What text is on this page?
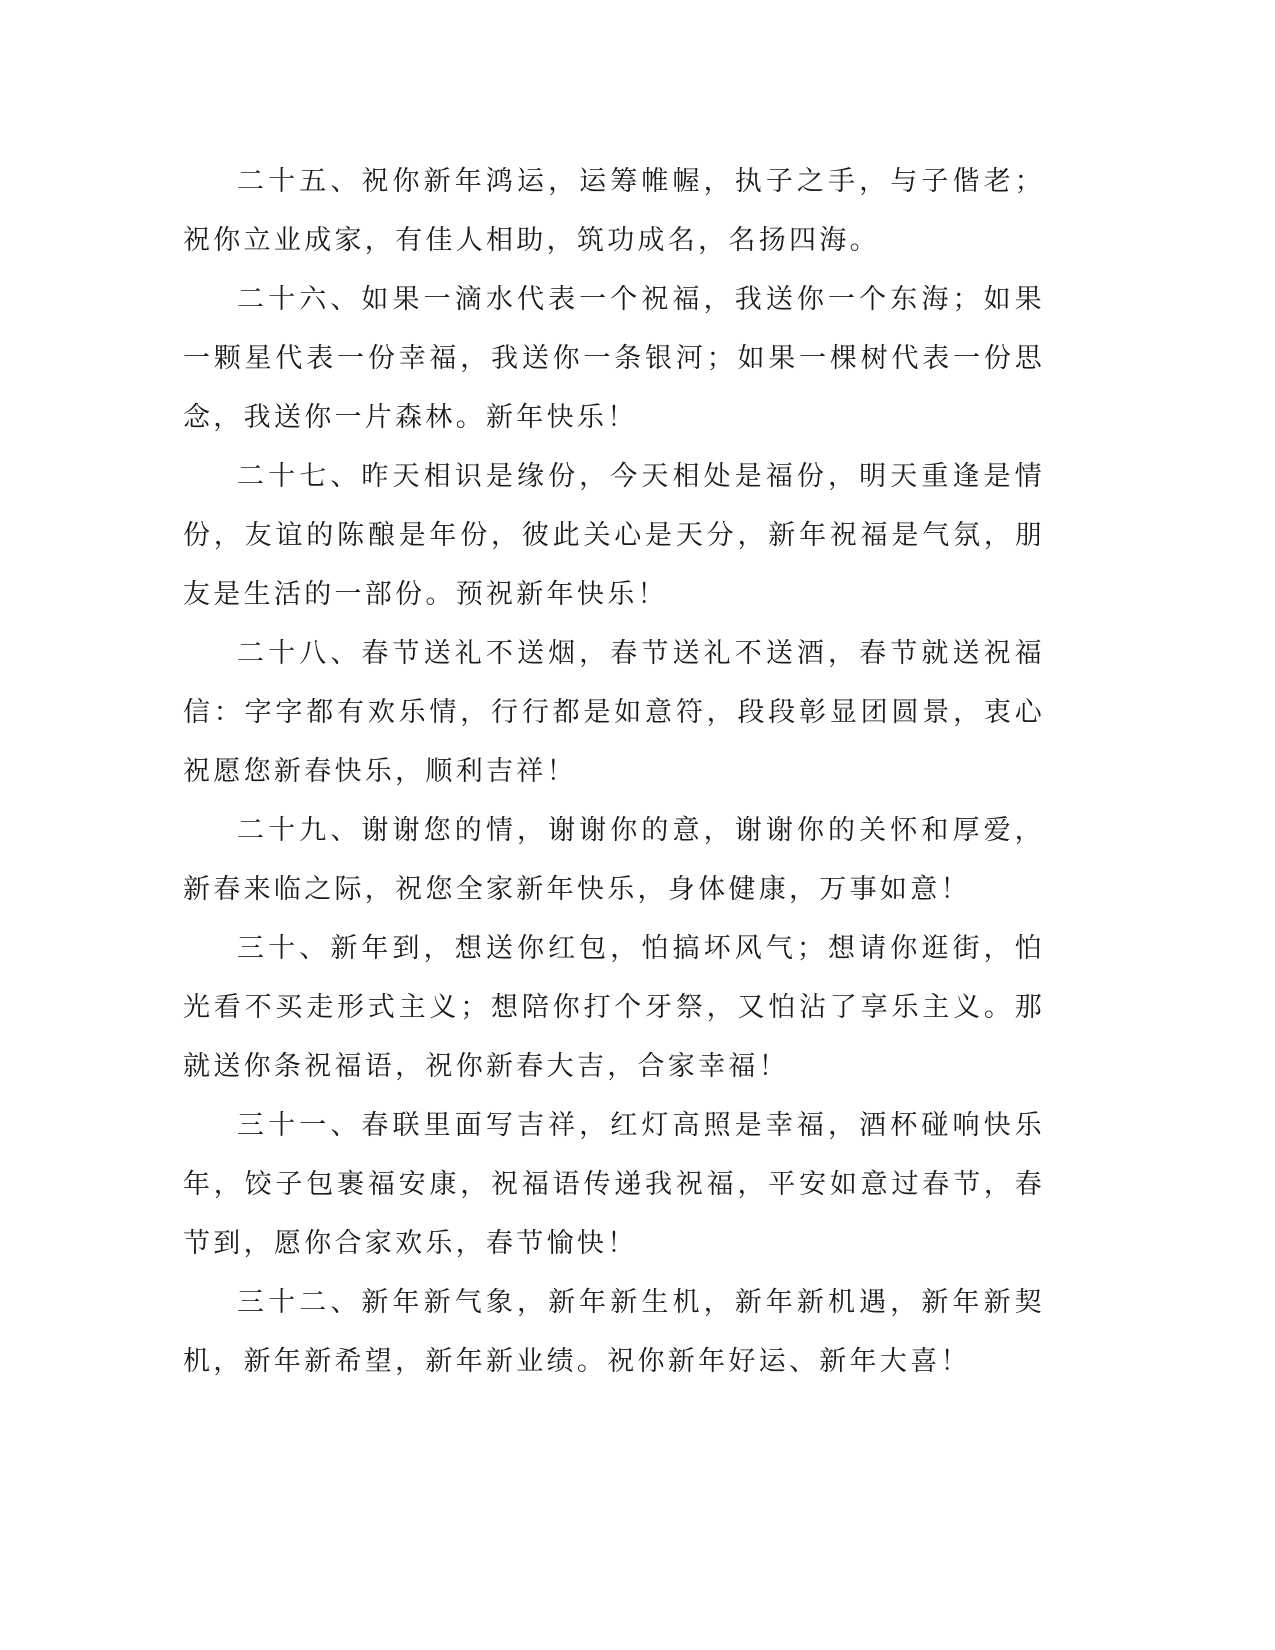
二十五、祝你新年鸿运，运筹帷幄，执子之手，与子偕老；祝你立业成家，有佳人相助，筑功成名，名扬四海。

二十六、如果一滴水代表一个祝福，我送你一个东海；如果一颗星代表一份幸福，我送你一条银河；如果一棵树代表一份思念，我送你一片森林。新年快乐！

二十七、昨天相识是缘份，今天相处是福份，明天重逢是情份，友谊的陈酿是年份，彼此关心是天分，新年祝福是气氛，朋友是生活的一部份。预祝新年快乐！

二十八、春节送礼不送烟，春节送礼不送酒，春节就送祝福信：字字都有欢乐情，行行都是如意符，段段彰显团圆景，衷心祝愿您新春快乐，顺利吉祥！

二十九、谢谢您的情，谢谢你的意，谢谢你的关怀和厚爱，新春来临之际，祝您全家新年快乐，身体健康，万事如意！

三十、新年到，想送你红包，怕搞坏风气；想请你逛街，怕光看不买走形式主义；想陪你打个牙祭，又怕沾了享乐主义。那就送你条祝福语，祝你新春大吉，合家幸福！

三十一、春联里面写吉祥，红灯高照是幸福，酒杯碰响快乐年，饺子包裹福安康，祝福语传递我祝福，平安如意过春节，春节到，愿你合家欢乐，春节愉快！

三十二、新年新气象，新年新生机，新年新机遇，新年新契机，新年新希望，新年新业绩。祝你新年好运、新年大喜！
